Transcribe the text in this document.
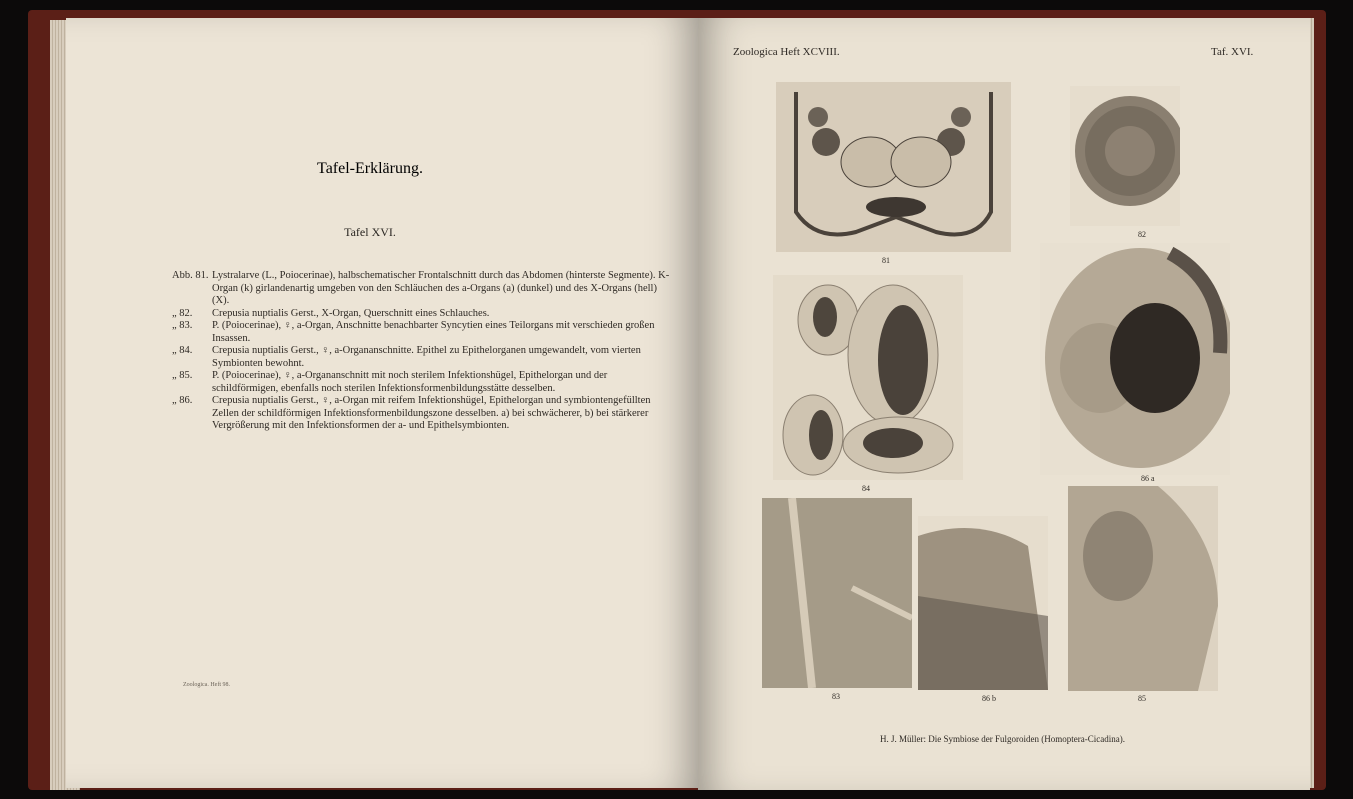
Tafel-Erklärung.
Tafel XVI.
Abb. 81. Lystralarve (L., Poiocerinae), halbschematischer Frontalschnitt durch das Abdomen (hinterste Segmente). K-Organ (k) girlandenartig umgeben von den Schläuchen des a-Organs (a) (dunkel) und des X-Organs (hell) (X).
„ 82.	Crepusia nuptialis Gerst., X-Organ, Querschnitt eines Schlauches.
„ 83.	P. (Poiocerinae), ♀, a-Organ, Anschnitte benachbarter Syncytien eines Teilorgans mit verschieden großen Insassen.
„ 84.	Crepusia nuptialis Gerst., ♀, a-Organanschnitte. Epithel zu Epithelorganen umgewandelt, vom vierten Symbionten bewohnt.
„ 85.	P. (Poiocerinae), ♀, a-Organanschnitt mit noch sterilem Infektionshügel, Epithelorgan und der schildförmigen, ebenfalls noch sterilen Infektionsformenbildungsstätte desselben.
„ 86.	Crepusia nuptialis Gerst., ♀, a-Organ mit reifem Infektionshügel, Epithelorgan und symbiontengefüllten Zellen der schildförmigen Infektionsformenbildungszone desselben. a) bei schwächerer, b) bei stärkerer Vergrößerung mit den Infektionsformen der a- und Epithelsymbionten.
Zoologica. Heft 98.
Zoologica Heft XCVIII.	Taf. XVI.
81
82
84
86 a
83	86 b	85
H. J. Müller: Die Symbiose der Fulgoroiden (Homoptera-Cicadina).
